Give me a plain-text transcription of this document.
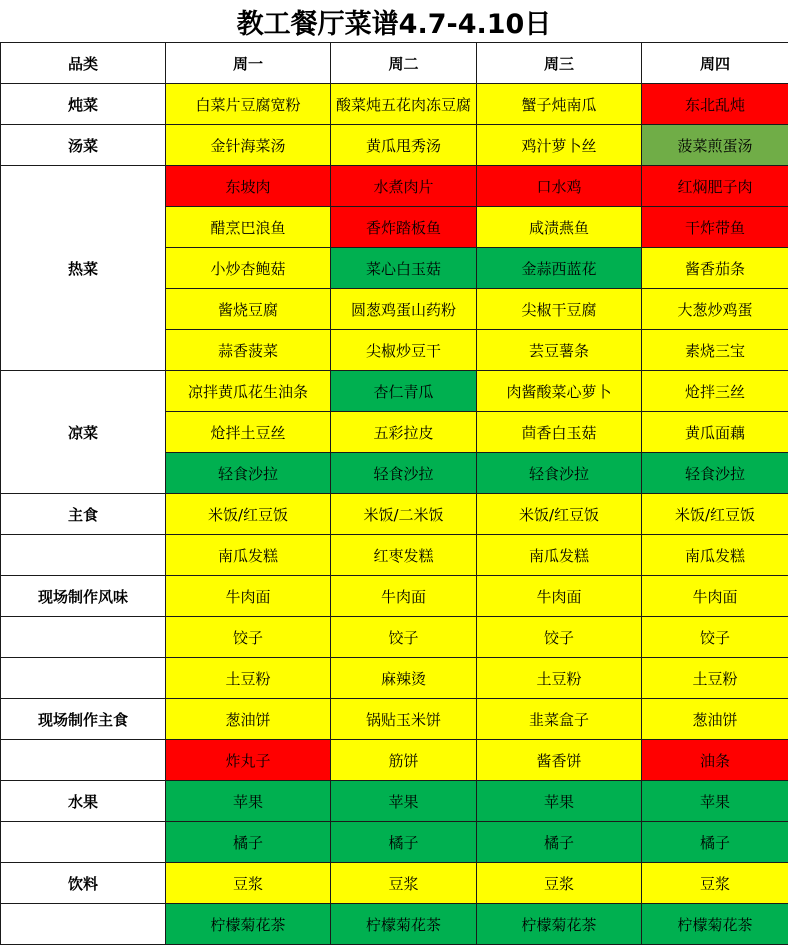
教工餐厅菜谱4.7-4.10日
品类	周一	周二	周三	周四
炖菜	白菜片豆腐宽粉	酸菜炖五花肉冻豆腐	蟹子炖南瓜	东北乱炖
汤菜	金针海菜汤	黄瓜甩秀汤	鸡汁萝卜丝	菠菜煎蛋汤
热菜	东坡肉	水煮肉片	口水鸡	红焖肥子肉
	醋烹巴浪鱼	香炸踏板鱼	咸渍燕鱼	干炸带鱼
	小炒杏鲍菇	菜心白玉菇	金蒜西蓝花	酱香茄条
	酱烧豆腐	圆葱鸡蛋山药粉	尖椒干豆腐	大葱炒鸡蛋
	蒜香菠菜	尖椒炒豆干	芸豆薯条	素烧三宝
凉菜	凉拌黄瓜花生油条	杏仁青瓜	肉酱酸菜心萝卜	炝拌三丝
	炝拌土豆丝	五彩拉皮	茴香白玉菇	黄瓜面藕
	轻食沙拉	轻食沙拉	轻食沙拉	轻食沙拉
主食	米饭/红豆饭	米饭/二米饭	米饭/红豆饭	米饭/红豆饭
	南瓜发糕	红枣发糕	南瓜发糕	南瓜发糕
现场制作风味	牛肉面	牛肉面	牛肉面	牛肉面
	饺子	饺子	饺子	饺子
	土豆粉	麻辣烫	土豆粉	土豆粉
现场制作主食	葱油饼	锅贴玉米饼	韭菜盒子	葱油饼
	炸丸子	筋饼	酱香饼	油条
水果	苹果	苹果	苹果	苹果
	橘子	橘子	橘子	橘子
饮料	豆浆	豆浆	豆浆	豆浆
	柠檬菊花茶	柠檬菊花茶	柠檬菊花茶	柠檬菊花茶
